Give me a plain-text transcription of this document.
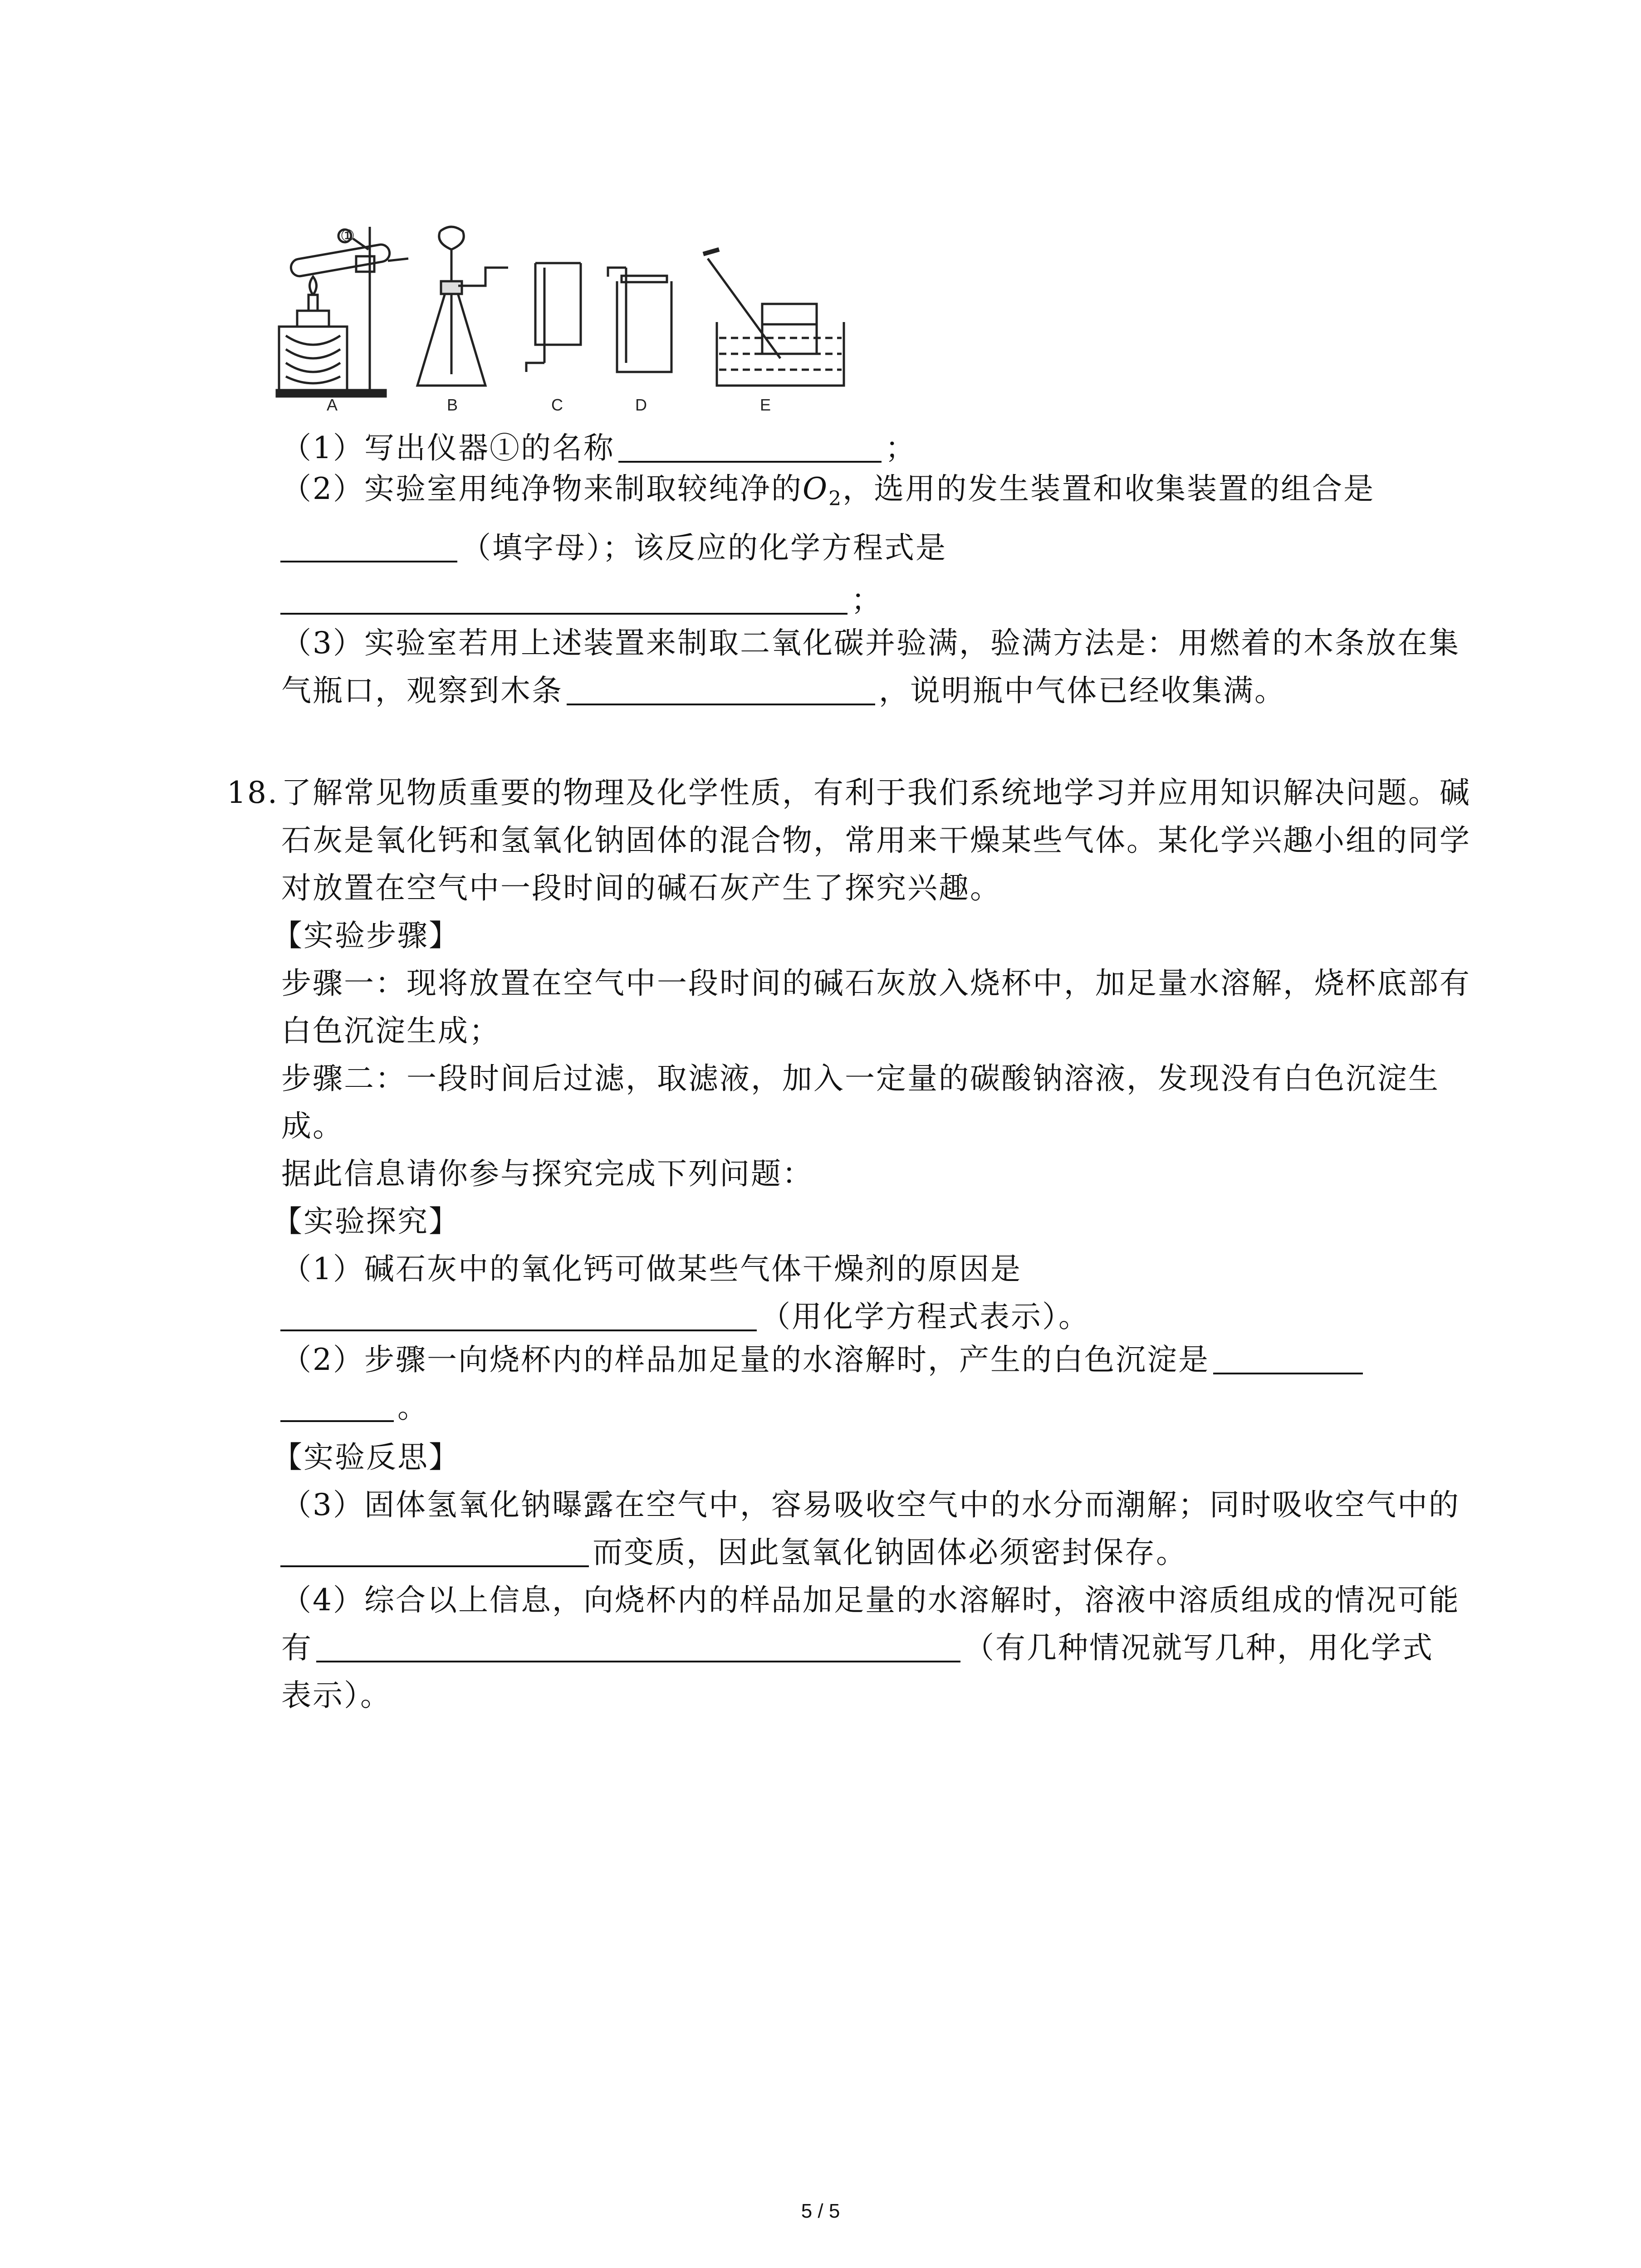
①
A	B	C	D	E
（1）写出仪器①的名称	；
（2）实验室用纯净物来制取较纯净的$O_2$，选用的发生装置和收集装置的组合是
（填字母）；该反应的化学方程式是
；
（3）实验室若用上述装置来制取二氧化碳并验满，验满方法是：用燃着的木条放在集
气瓶口，观察到木条	，说明瓶中气体已经收集满。
18. 了解常见物质重要的物理及化学性质，有利于我们系统地学习并应用知识解决问题。碱
石灰是氧化钙和氢氧化钠固体的混合物，常用来干燥某些气体。某化学兴趣小组的同学
对放置在空气中一段时间的碱石灰产生了探究兴趣。
【实验步骤】
步骤一：现将放置在空气中一段时间的碱石灰放入烧杯中，加足量水溶解，烧杯底部有
白色沉淀生成；
步骤二：一段时间后过滤，取滤液，加入一定量的碳酸钠溶液，发现没有白色沉淀生
成。
据此信息请你参与探究完成下列问题：
【实验探究】
（1）碱石灰中的氧化钙可做某些气体干燥剂的原因是
（用化学方程式表示）。
（2）步骤一向烧杯内的样品加足量的水溶解时，产生的白色沉淀是
。
【实验反思】
（3）固体氢氧化钠曝露在空气中，容易吸收空气中的水分而潮解；同时吸收空气中的
而变质，因此氢氧化钠固体必须密封保存。
（4）综合以上信息，向烧杯内的样品加足量的水溶解时，溶液中溶质组成的情况可能
有	（有几种情况就写几种，用化学式
表示）。
5 / 5
